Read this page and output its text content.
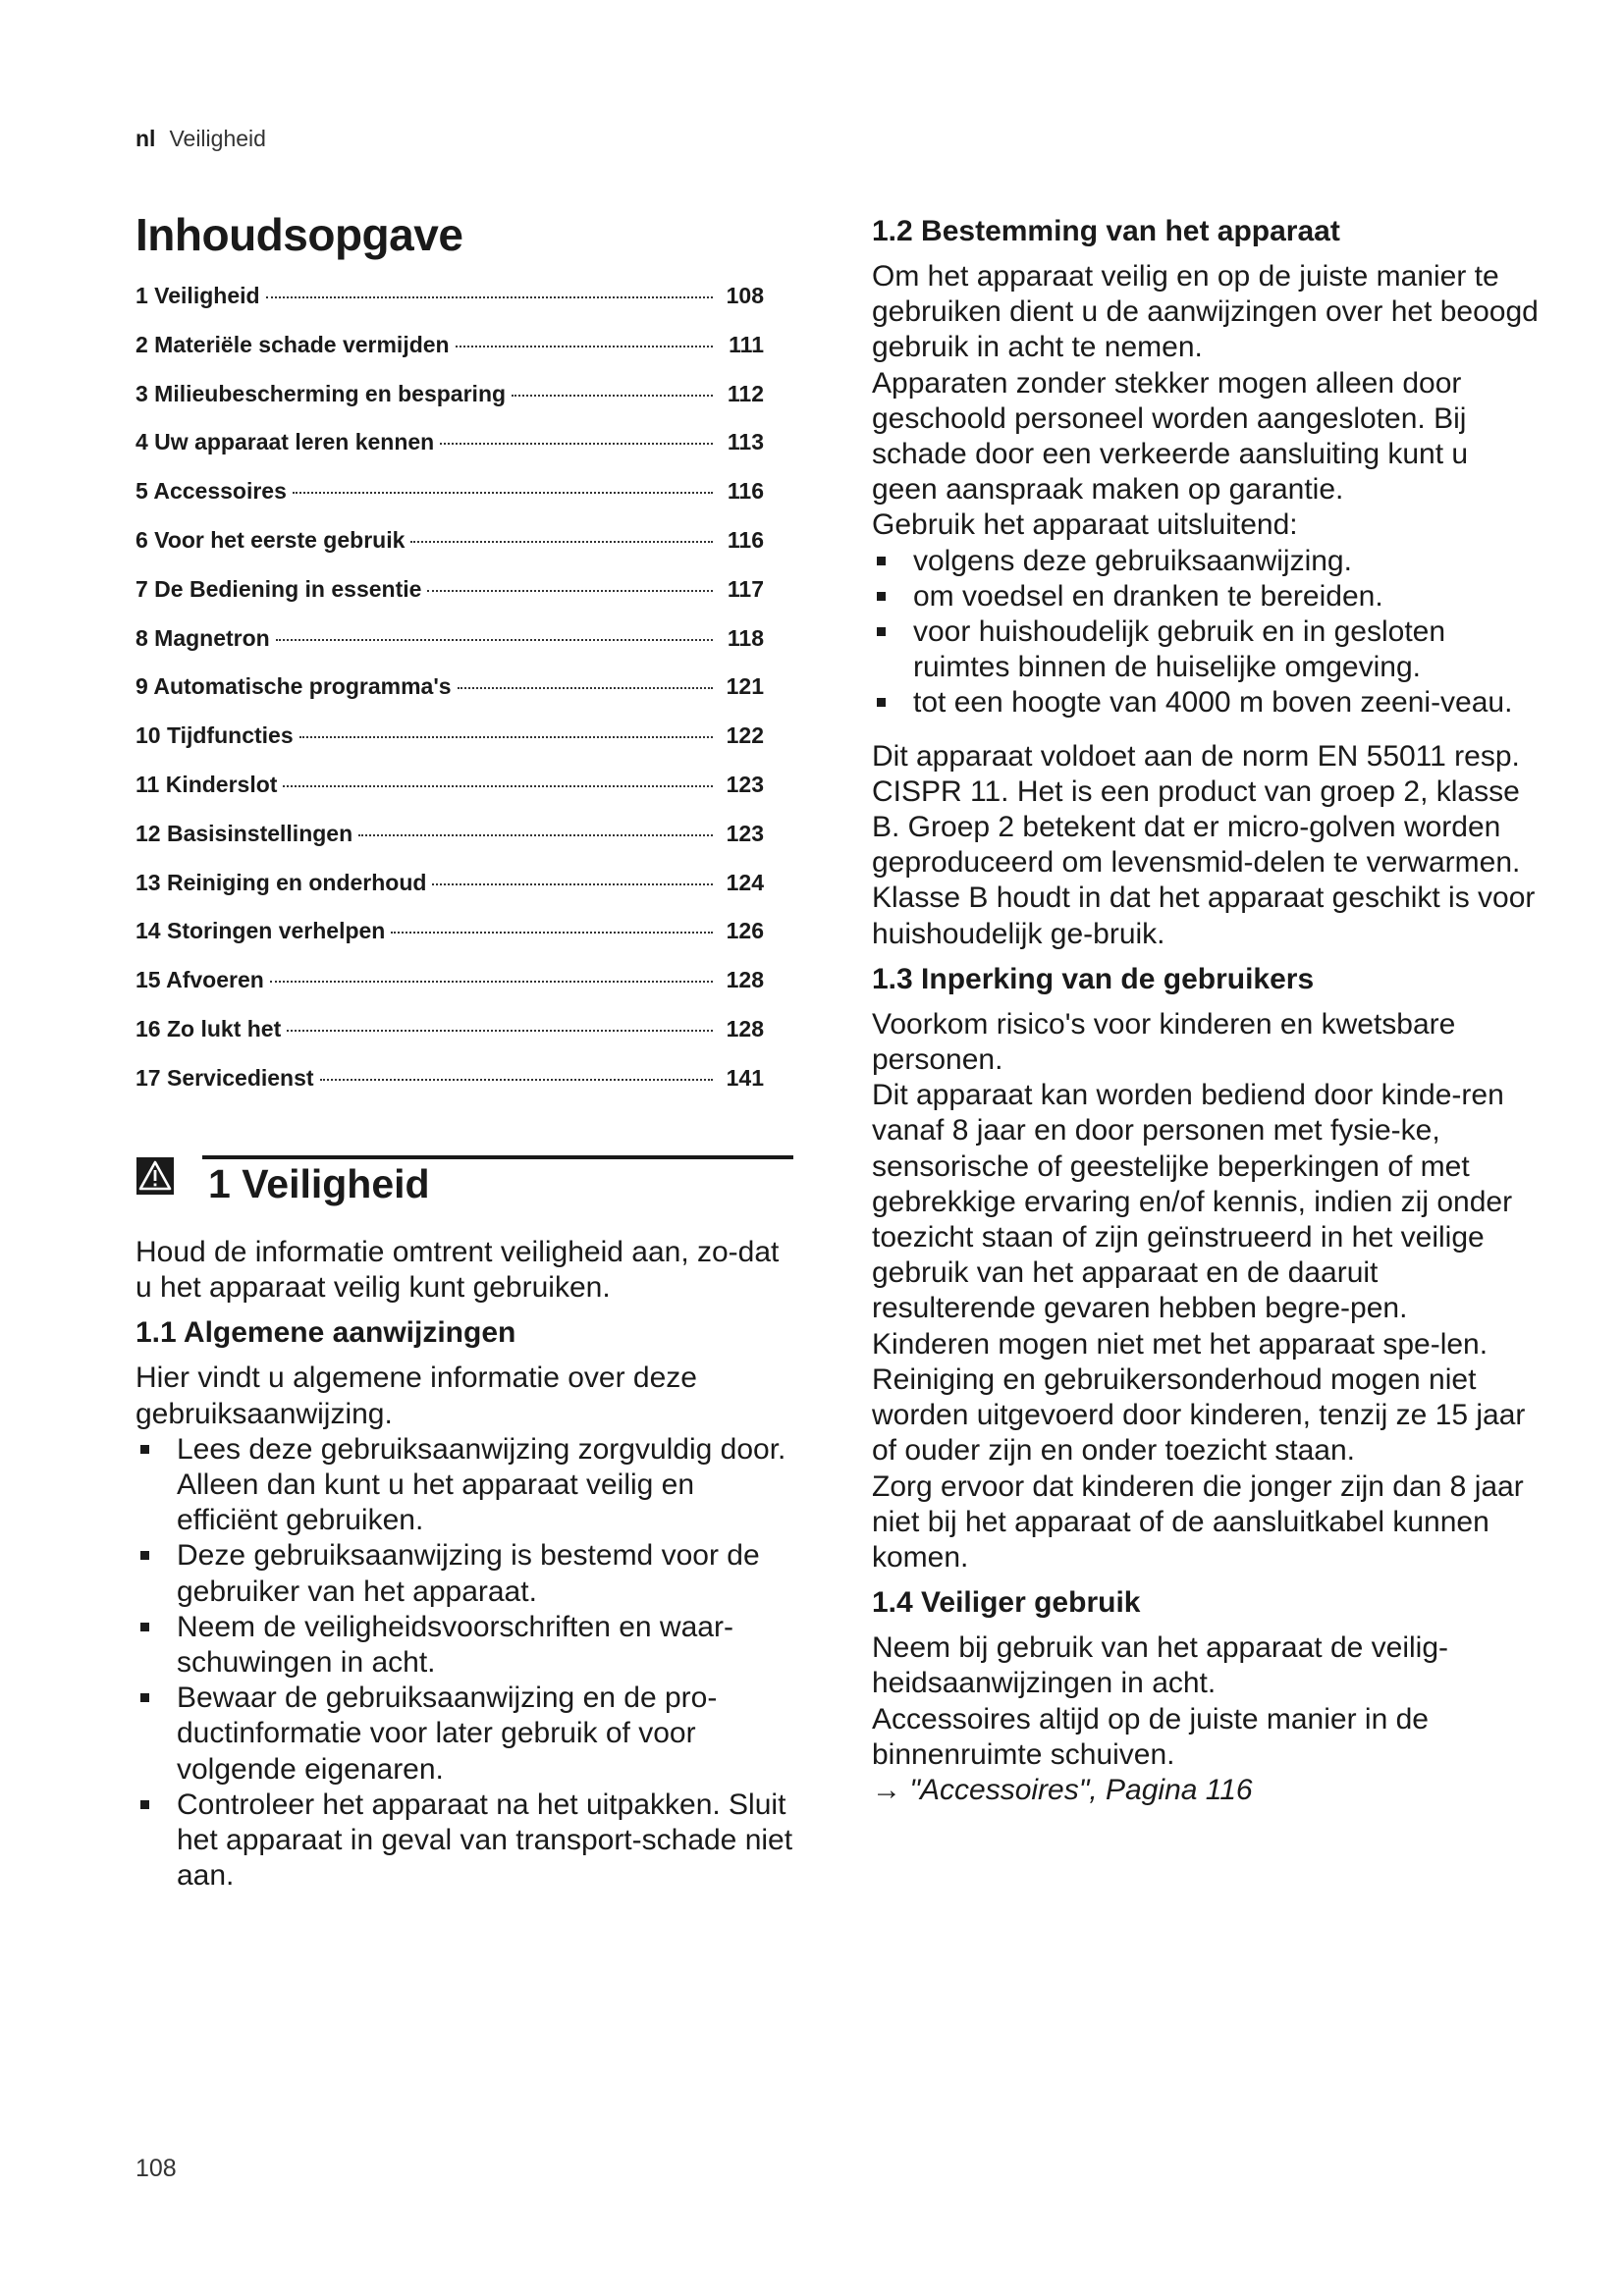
nl Veiligheid
Inhoudsopgave
1 Veiligheid	108
2 Materiële schade vermijden	111
3 Milieubescherming en besparing	112
4 Uw apparaat leren kennen	113
5 Accessoires	116
6 Voor het eerste gebruik	116
7 De Bediening in essentie	117
8 Magnetron	118
9 Automatische programma's	121
10 Tijdfuncties	122
11 Kinderslot	123
12 Basisinstellingen	123
13 Reiniging en onderhoud	124
14 Storingen verhelpen	126
15 Afvoeren	128
16 Zo lukt het	128
17 Servicedienst	141
1 Veiligheid

Houd de informatie omtrent veiligheid aan, zo-dat u het apparaat veilig kunt gebruiken.

1.1 Algemene aanwijzingen

Hier vindt u algemene informatie over deze gebruiksaanwijzing.

Lees deze gebruiksaanwijzing zorgvuldig door. Alleen dan kunt u het apparaat veilig en efficiënt gebruiken.
Deze gebruiksaanwijzing is bestemd voor de gebruiker van het apparaat.
Neem de veiligheidsvoorschriften en waar-schuwingen in acht.
Bewaar de gebruiksaanwijzing en de pro-ductinformatie voor later gebruik of voor volgende eigenaren.
Controleer het apparaat na het uitpakken. Sluit het apparaat in geval van transport-schade niet aan.
1.2 Bestemming van het apparaat

Om het apparaat veilig en op de juiste manier te gebruiken dient u de aanwijzingen over het beoogd gebruik in acht te nemen.

Apparaten zonder stekker mogen alleen door geschoold personeel worden aangesloten. Bij schade door een verkeerde aansluiting kunt u geen aanspraak maken op garantie.

Gebruik het apparaat uitsluitend:

volgens deze gebruiksaanwijzing.
om voedsel en dranken te bereiden.
voor huishoudelijk gebruik en in gesloten ruimtes binnen de huiselijke omgeving.
tot een hoogte van 4000 m boven zeeni-veau.

Dit apparaat voldoet aan de norm EN 55011 resp. CISPR 11. Het is een product van groep 2, klasse B. Groep 2 betekent dat er micro-golven worden geproduceerd om levensmid-delen te verwarmen. Klasse B houdt in dat het apparaat geschikt is voor huishoudelijk ge-bruik.

1.3 Inperking van de gebruikers

Voorkom risico's voor kinderen en kwetsbare personen.

Dit apparaat kan worden bediend door kinde-ren vanaf 8 jaar en door personen met fysie-ke, sensorische of geestelijke beperkingen of met gebrekkige ervaring en/of kennis, indien zij onder toezicht staan of zijn geïnstrueerd in het veilige gebruik van het apparaat en de daaruit resulterende gevaren hebben begre-pen.

Kinderen mogen niet met het apparaat spe-len.

Reiniging en gebruikersonderhoud mogen niet worden uitgevoerd door kinderen, tenzij ze 15 jaar of ouder zijn en onder toezicht staan.

Zorg ervoor dat kinderen die jonger zijn dan 8 jaar niet bij het apparaat of de aansluitkabel kunnen komen.

1.4 Veiliger gebruik

Neem bij gebruik van het apparaat de veilig-heidsaanwijzingen in acht.

Accessoires altijd op de juiste manier in de binnenruimte schuiven.

→ "Accessoires", Pagina 116

108
